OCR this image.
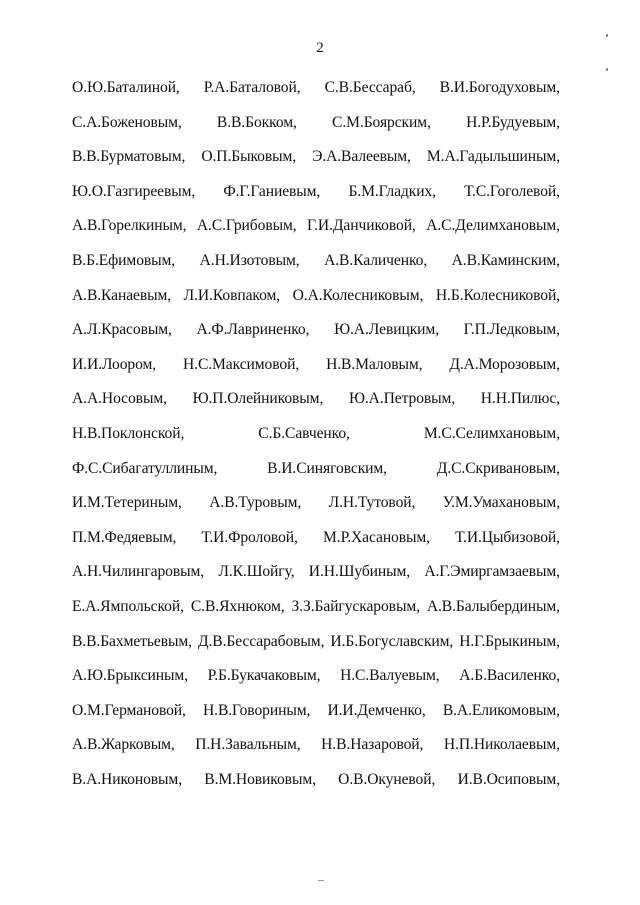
2
О.Ю.Баталиной, Р.А.Баталовой, С.В.Бессараб, В.И.Богодуховым,
С.А.Боженовым, В.В.Бокком, С.М.Боярским, Н.Р.Будуевым,
В.В.Бурматовым, О.П.Быковым, Э.А.Валеевым, М.А.Гадыльшиным,
Ю.О.Газгиреевым, Ф.Г.Ганиевым, Б.М.Гладких, Т.С.Гоголевой,
А.В.Горелкиным, А.С.Грибовым, Г.И.Данчиковой, А.С.Делимхановым,
В.Б.Ефимовым, А.Н.Изотовым, А.В.Каличенко, А.В.Каминским,
А.В.Канаевым, Л.И.Ковпаком, О.А.Колесниковым, Н.Б.Колесниковой,
А.Л.Красовым, А.Ф.Лавриненко, Ю.А.Левицким, Г.П.Ледковым,
И.И.Лоором, Н.С.Максимовой, Н.В.Маловым, Д.А.Морозовым,
А.А.Носовым, Ю.П.Олейниковым, Ю.А.Петровым, Н.Н.Пилюс,
Н.В.Поклонской,	С.Б.Савченко,	М.С.Селимхановым,
Ф.С.Сибагатуллиным,	В.И.Синяговским,	Д.С.Скривановым,
И.М.Тетериным, А.В.Туровым, Л.Н.Тутовой, У.М.Умахановым,
П.М.Федяевым, Т.И.Фроловой, М.Р.Хасановым, Т.И.Цыбизовой,
А.Н.Чилингаровым, Л.К.Шойгу, И.Н.Шубиным, А.Г.Эмиргамзаевым,
Е.А.Ямпольской, С.В.Яхнюком, З.З.Байгускаровым, А.В.Балыбердиным,
В.В.Бахметьевым, Д.В.Бессарабовым, И.Б.Богуславским, Н.Г.Брыкиным,
А.Ю.Брыксиным, Р.Б.Букачаковым, Н.С.Валуевым, А.Б.Василенко,
О.М.Германовой, Н.В.Говориным, И.И.Демченко, В.А.Еликомовым,
А.В.Жарковым, П.Н.Завальным, Н.В.Назаровой, Н.П.Николаевым,
В.А.Никоновым, В.М.Новиковым, О.В.Окуневой, И.В.Осиповым,
